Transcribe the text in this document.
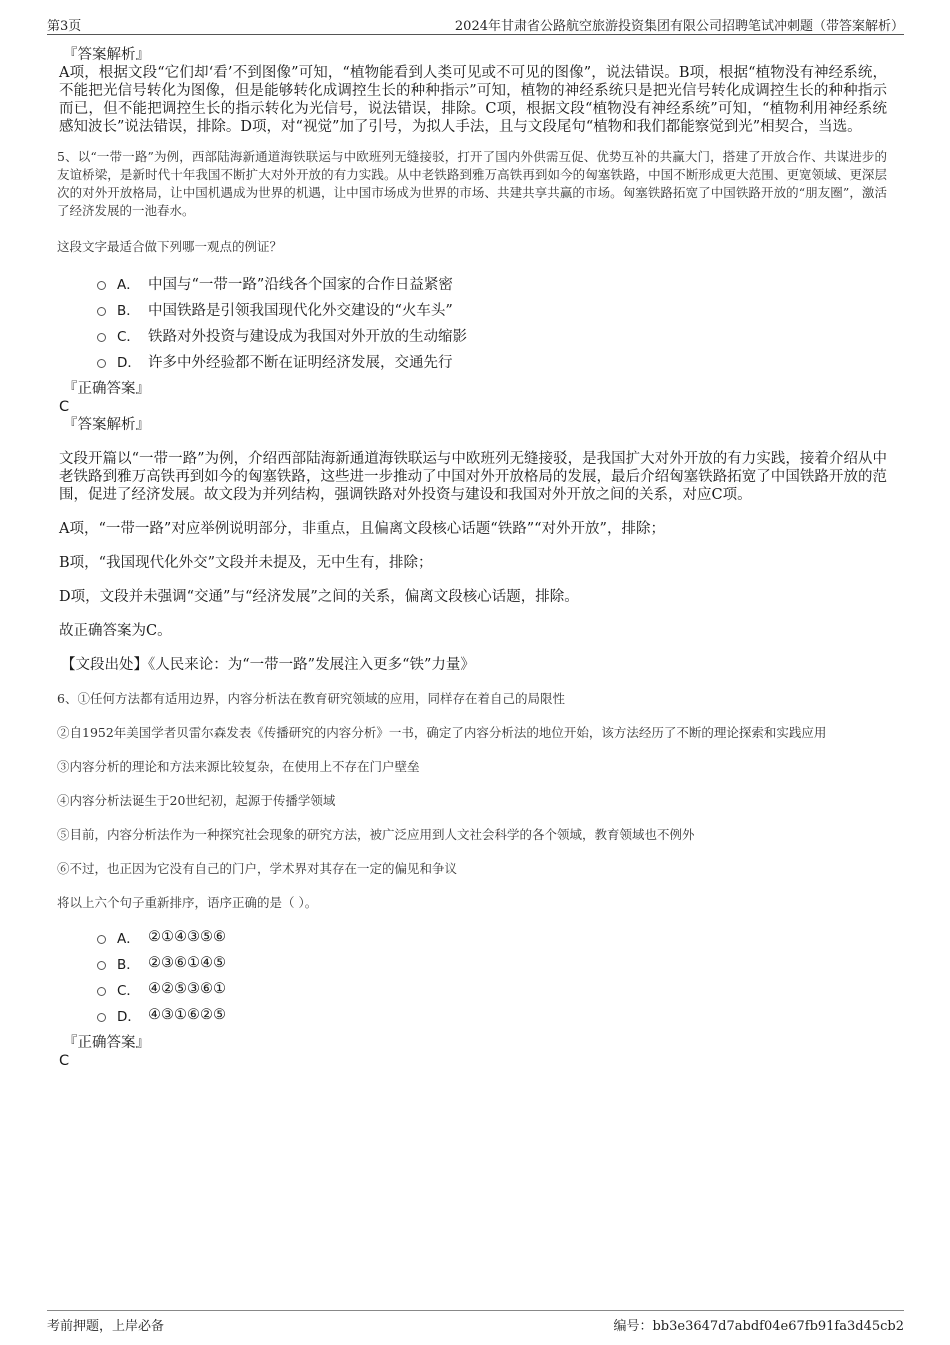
第3页	2024年甘肃省公路航空旅游投资集团有限公司招聘笔试冲刺题（带答案解析）
『答案解析』

A项，根据文段“它们却‘看’不到图像”可知，“植物能看到人类可见或不可见的图像”，说法错误。B项，根据“植物没有神经系统，不能把光信号转化为图像，但是能够转化成调控生长的种种指示”可知，植物的神经系统只是把光信号转化成调控生长的种种指示而已，但不能把调控生长的指示转化为光信号，说法错误，排除。C项，根据文段“植物没有神经系统”可知，“植物利用神经系统感知波长”说法错误，排除。D项，对“视觉”加了引号，为拟人手法，且与文段尾句“植物和我们都能察觉到光”相契合，当选。

5、以“一带一路”为例，西部陆海新通道海铁联运与中欧班列无缝接驳，打开了国内外供需互促、优势互补的共赢大门，搭建了开放合作、共谋进步的友谊桥梁，是新时代十年我国不断扩大对外开放的有力实践。从中老铁路到雅万高铁再到如今的匈塞铁路，中国不断形成更大范围、更宽领域、更深层次的对外开放格局，让中国机遇成为世界的机遇，让中国市场成为世界的市场、共建共享共赢的市场。匈塞铁路拓宽了中国铁路开放的“朋友圈”，激活了经济发展的一池春水。

这段文字最适合做下列哪一观点的例证？

A． 中国与“一带一路”沿线各个国家的合作日益紧密
B． 中国铁路是引领我国现代化外交建设的“火车头”
C． 铁路对外投资与建设成为我国对外开放的生动缩影
D． 许多中外经验都不断在证明经济发展，交通先行
『正确答案』
C
『答案解析』

文段开篇以“一带一路”为例，介绍西部陆海新通道海铁联运与中欧班列无缝接驳，是我国扩大对外开放的有力实践，接着介绍从中老铁路到雅万高铁再到如今的匈塞铁路，这些进一步推动了中国对外开放格局的发展，最后介绍匈塞铁路拓宽了中国铁路开放的范围，促进了经济发展。故文段为并列结构，强调铁路对外投资与建设和我国对外开放之间的关系，对应C项。

A项，“一带一路”对应举例说明部分，非重点，且偏离文段核心话题“铁路”“对外开放”，排除；

B项，“我国现代化外交”文段并未提及，无中生有，排除；

D项，文段并未强调“交通”与“经济发展”之间的关系，偏离文段核心话题，排除。

故正确答案为C。

【文段出处】《人民来论：为“一带一路”发展注入更多“铁”力量》

6、①任何方法都有适用边界，内容分析法在教育研究领域的应用，同样存在着自己的局限性

②自1952年美国学者贝雷尔森发表《传播研究的内容分析》一书，确定了内容分析法的地位开始，该方法经历了不断的理论探索和实践应用

③内容分析的理论和方法来源比较复杂，在使用上不存在门户壁垒

④内容分析法诞生于20世纪初，起源于传播学领域

⑤目前，内容分析法作为一种探究社会现象的研究方法，被广泛应用到人文社会科学的各个领域，教育领域也不例外

⑥不过，也正因为它没有自己的门户，学术界对其存在一定的偏见和争议

将以上六个句子重新排序，语序正确的是（ ）。

A． ②①④③⑤⑥
B． ②③⑥①④⑤
C． ④②⑤③⑥①
D． ④③①⑥②⑤
『正确答案』
C
考前押题，上岸必备	编号：bb3e3647d7abdf04e67fb91fa3d45cb2
